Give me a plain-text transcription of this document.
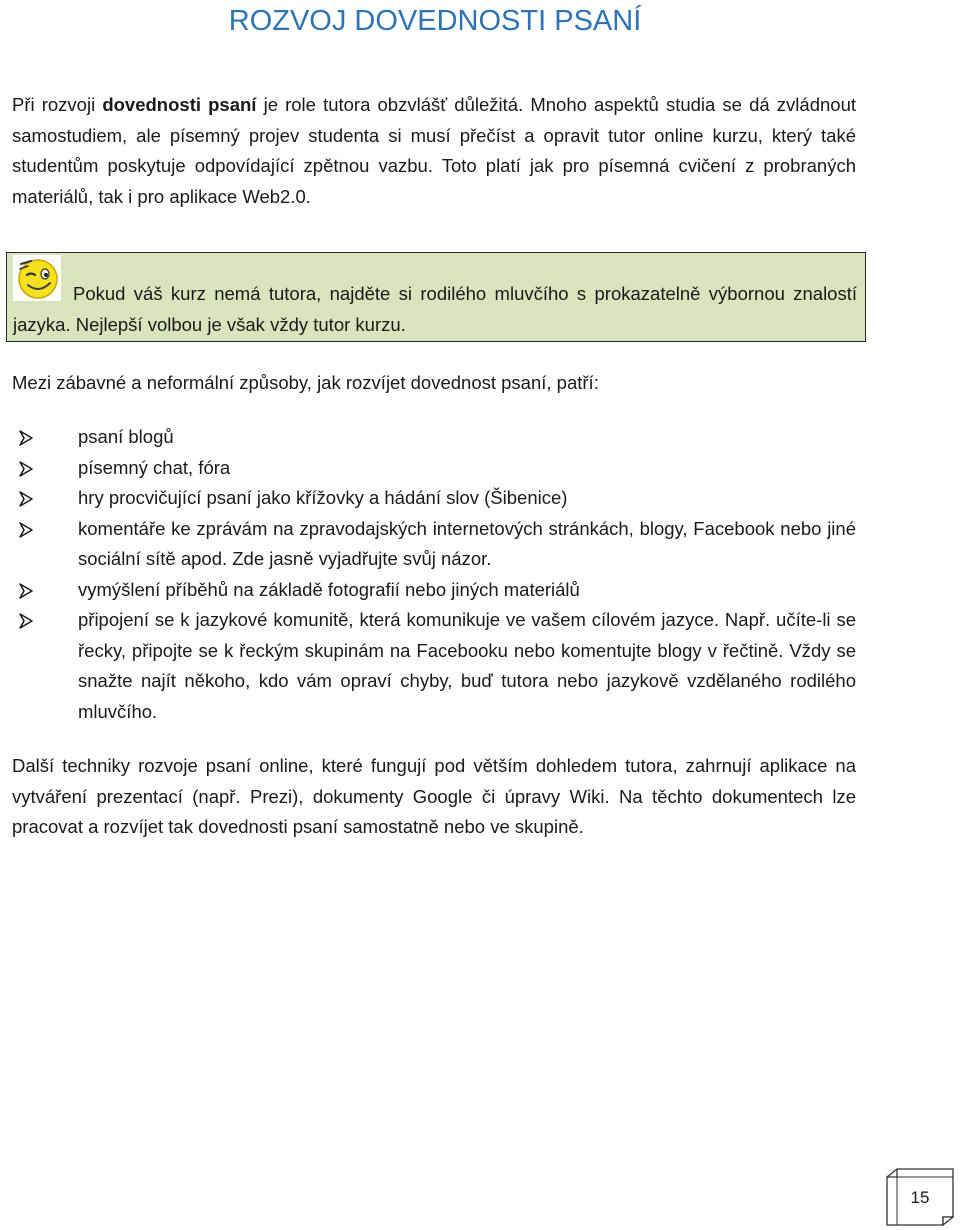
ROZVOJ DOVEDNOSTI PSANÍ

Při rozvoji dovednosti psaní je role tutora obzvlášť důležitá. Mnoho aspektů studia se dá zvládnout samostudiem, ale písemný projev studenta si musí přečíst a opravit tutor online kurzu, který také studentům poskytuje odpovídající zpětnou vazbu. Toto platí jak pro písemná cvičení z probraných materiálů, tak i pro aplikace Web2.0.

Pokud váš kurz nemá tutora, najděte si rodilého mluvčího s prokazatelně výbornou znalostí jazyka. Nejlepší volbou je však vždy tutor kurzu.

Mezi zábavné a neformální způsoby, jak rozvíjet dovednost psaní, patří:

psaní blogů
písemný chat, fóra
hry procvičující psaní jako křížovky a hádání slov (Šibenice)
komentáře ke zprávám na zpravodajských internetových stránkách, blogy, Facebook nebo jiné sociální sítě apod. Zde jasně vyjadřujte svůj názor.
vymýšlení příběhů na základě fotografií nebo jiných materiálů
připojení se k jazykové komunitě, která komunikuje ve vašem cílovém jazyce. Např. učíte-li se řecky, připojte se k řeckým skupinám na Facebooku nebo komentujte blogy v řečtině. Vždy se snažte najít někoho, kdo vám opraví chyby, buď tutora nebo jazykově vzdělaného rodilého mluvčího.

Další techniky rozvoje psaní online, které fungují pod větším dohledem tutora, zahrnují aplikace na vytváření prezentací (např. Prezi), dokumenty Google či úpravy Wiki. Na těchto dokumentech lze pracovat a rozvíjet tak dovednosti psaní samostatně nebo ve skupině.

15
